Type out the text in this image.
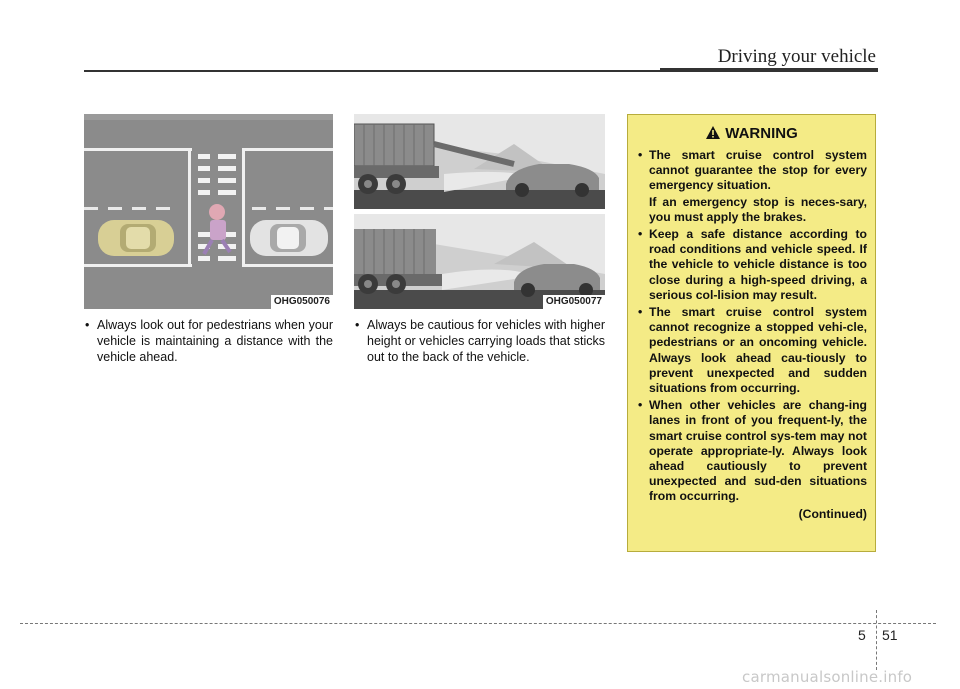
Driving your vehicle
OHG050076	OHG050077
• Always look out for pedestrians when your vehicle is maintaining a distance with the vehicle ahead.
• Always be cautious for vehicles with higher height or vehicles carrying loads that sticks out to the back of the vehicle.
WARNING
• The smart cruise control system cannot guarantee the stop for every emergency situation.

If an emergency stop is neces-sary, you must apply the brakes.

• Keep a safe distance according to road conditions and vehicle speed. If the vehicle to vehicle distance is too close during a high-speed driving, a serious col-lision may result.

• The smart cruise control system cannot recognize a stopped vehi-cle, pedestrians or an oncoming vehicle. Always look ahead cau-tiously to prevent unexpected and sudden situations from occurring.

• When other vehicles are chang-ing lanes in front of you frequent-ly, the smart cruise control sys-tem may not operate appropriate-ly. Always look ahead cautiously to prevent unexpected and sud-den situations from occurring.

(Continued)
5 51
carmanualsonline.info
